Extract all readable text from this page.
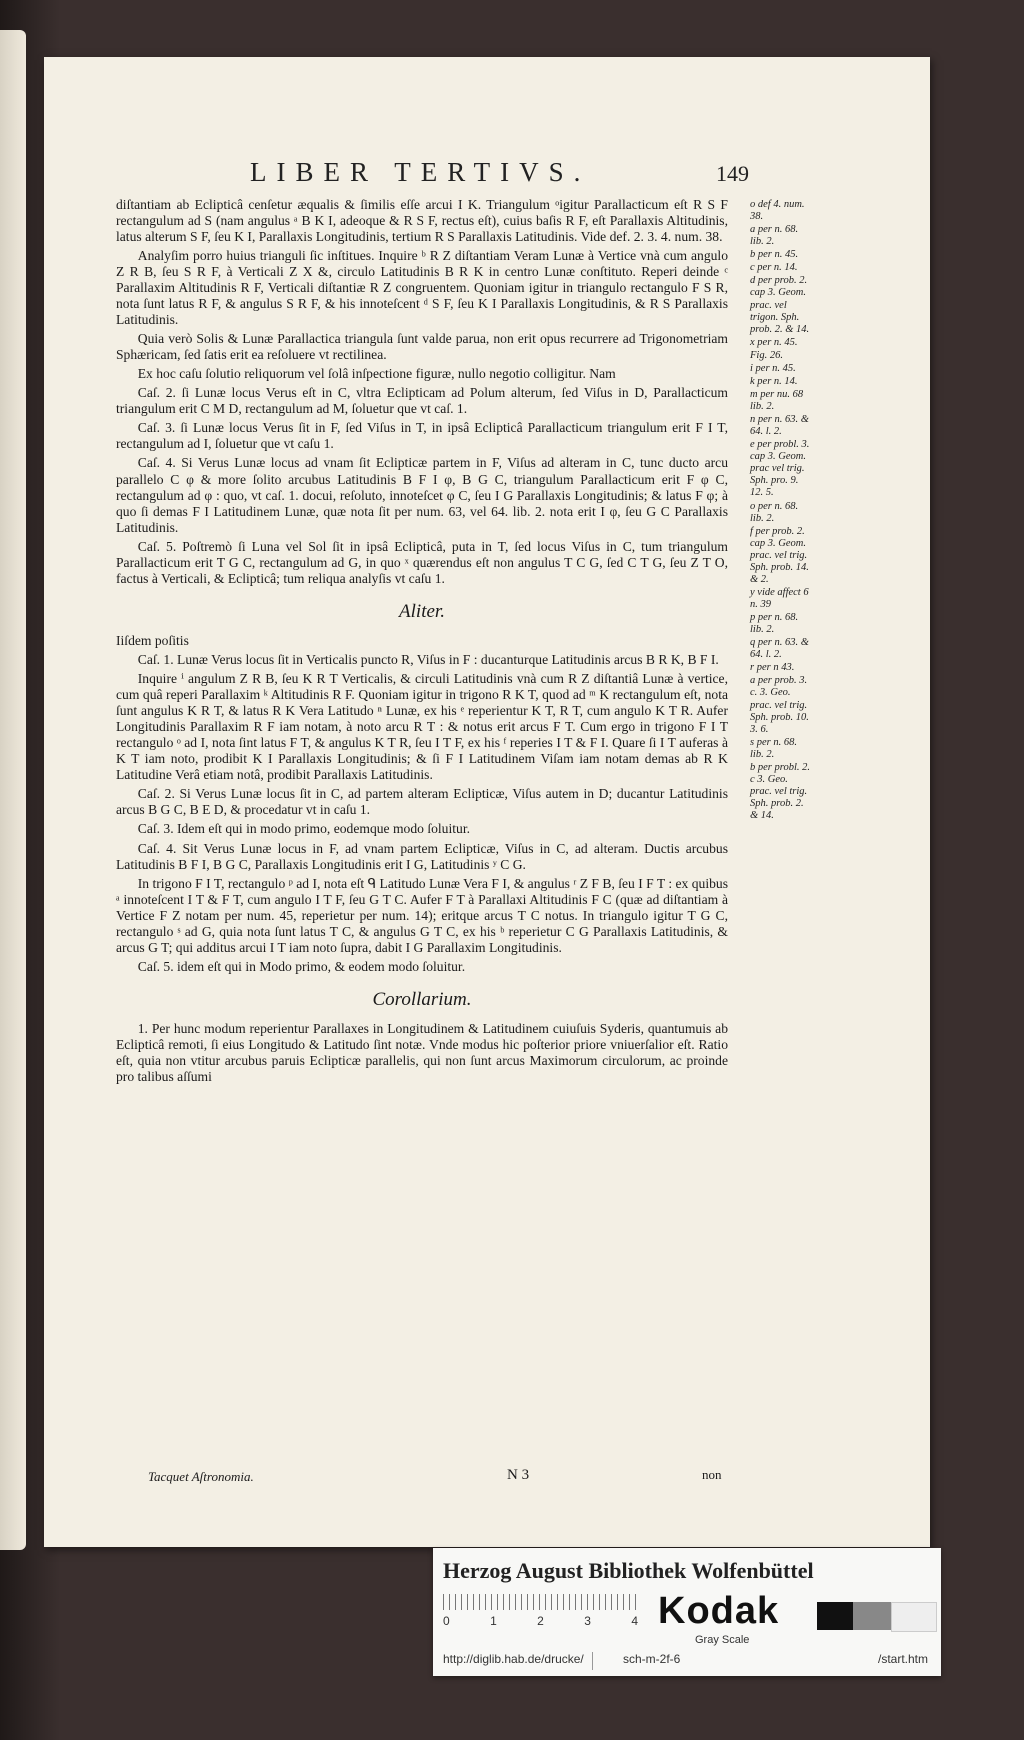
LIBER TERTIVS.	149

diſtantiam ab Eclipticâ cenſetur æqualis & ſimilis eſſe arcui I K. Triangulum ᵒigitur Parallacticum eſt R S F rectangulum ad S (nam angulus ᵃ B K I, adeoque & R S F, rectus eſt), cuius baſis R F, eſt Parallaxis Altitudinis, latus alterum S F, ſeu K I, Parallaxis Longitudinis, tertium R S Parallaxis Latitudinis. Vide def. 2. 3. 4. num. 38.

Analyſim porro huius trianguli ſic inſtitues. Inquire ᵇ R Z diſtantiam Veram Lunæ à Vertice vnà cum angulo Z R B, ſeu S R F, à Verticali Z X &, circulo Latitudinis B R K in centro Lunæ conſtituto. Reperi deinde ᶜ Parallaxim Altitudinis R F, Verticali diſtantiæ R Z congruentem. Quoniam igitur in triangulo rectangulo F S R, nota ſunt latus R F, & angulus S R F, & his innoteſcent ᵈ S F, ſeu K I Parallaxis Longitudinis, & R S Parallaxis Latitudinis.

Quia verò Solis & Lunæ Parallactica triangula ſunt valde parua, non erit opus recurrere ad Trigonometriam Sphæricam, ſed ſatis erit ea reſoluere vt rectilinea.

Ex hoc caſu ſolutio reliquorum vel ſolâ inſpectione figuræ, nullo negotio colligitur. Nam

Caſ. 2. ſi Lunæ locus Verus eſt in C, vltra Eclipticam ad Polum alterum, ſed Viſus in D, Parallacticum triangulum erit C M D, rectangulum ad M, ſoluetur que vt caſ. 1.

Caſ. 3. ſi Lunæ locus Verus ſit in F, ſed Viſus in T, in ipsâ Eclipticâ Parallacticum triangulum erit F I T, rectangulum ad I, ſoluetur que vt caſu 1.

Caſ. 4. Si Verus Lunæ locus ad vnam ſit Eclipticæ partem in F, Viſus ad alteram in C, tunc ducto arcu parallelo C φ & more ſolito arcubus Latitudinis B F I φ, B G C, triangulum Parallacticum erit F φ C, rectangulum ad φ : quo, vt caſ. 1. docui, reſoluto, innoteſcet φ C, ſeu I G Parallaxis Longitudinis; & latus F φ; à quo ſi demas F I Latitudinem Lunæ, quæ nota ſit per num. 63, vel 64. lib. 2. nota erit I φ, ſeu G C Parallaxis Latitudinis.

Caſ. 5. Poſtremò ſi Luna vel Sol ſit in ipsâ Eclipticâ, puta in T, ſed locus Viſus in C, tum triangulum Parallacticum erit T G C, rectangulum ad G, in quo ˣ quærendus eſt non angulus T C G, ſed C T G, ſeu Z T O, factus à Verticali, & Eclipticâ; tum reliqua analyſis vt caſu 1.

Aliter.

Iiſdem poſitis

Caſ. 1. Lunæ Verus locus ſit in Verticalis puncto R, Viſus in F : ducanturque Latitudinis arcus B R K, B F I.

Inquire ⁱ angulum Z R B, ſeu K R T Verticalis, & circuli Latitudinis vnà cum R Z diſtantiâ Lunæ à vertice, cum quâ reperi Parallaxim ᵏ Altitudinis R F. Quoniam igitur in trigono R K T, quod ad ᵐ K rectangulum eſt, nota ſunt angulus K R T, & latus R K Vera Latitudo ⁿ Lunæ, ex his ᵉ reperientur K T, R T, cum angulo K T R. Aufer Longitudinis Parallaxim R F iam notam, à noto arcu R T : & notus erit arcus F T. Cum ergo in trigono F I T rectangulo ᵒ ad I, nota ſint latus F T, & angulus K T R, ſeu I T F, ex his ᶠ reperies I T & F I. Quare ſi I T auferas à K T iam noto, prodibit K I Parallaxis Longitudinis; & ſi F I Latitudinem Viſam iam notam demas ab R K Latitudine Verâ etiam notâ, prodibit Parallaxis Latitudinis.

Caſ. 2. Si Verus Lunæ locus ſit in C, ad partem alteram Eclipticæ, Viſus autem in D; ducantur Latitudinis arcus B G C, B E D, & procedatur vt in caſu 1.

Caſ. 3. Idem eſt qui in modo primo, eodemque modo ſoluitur.

Caſ. 4. Sit Verus Lunæ locus in F, ad vnam partem Eclipticæ, Viſus in C, ad alteram. Ductis arcubus Latitudinis B F I, B G C, Parallaxis Longitudinis erit I G, Latitudinis ʸ C G.

In trigono F I T, rectangulo ᵖ ad I, nota eſt ᑫ Latitudo Lunæ Vera F I, & angulus ʳ Z F B, ſeu I F T : ex quibus ᵃ innoteſcent I T & F T, cum angulo I T F, ſeu G T C. Aufer F T à Parallaxi Altitudinis F C (quæ ad diſtantiam à Vertice F Z notam per num. 45, reperietur per num. 14); eritque arcus T C notus. In triangulo igitur T G C, rectangulo ˢ ad G, quia nota ſunt latus T C, & angulus G T C, ex his ᵇ reperietur C G Parallaxis Latitudinis, & arcus G T; qui additus arcui I T iam noto ſupra, dabit I G Parallaxim Longitudinis.

Caſ. 5. idem eſt qui in Modo primo, & eodem modo ſoluitur.

Corollarium.

1. Per hunc modum reperientur Parallaxes in Longitudinem & Latitudinem cuiuſuis Syderis, quantumuis ab Eclipticâ remoti, ſi eius Longitudo & Latitudo ſint notæ. Vnde modus hic poſterior priore vniuerſalior eſt. Ratio eſt, quia non vtitur arcubus paruis Eclipticæ parallelis, qui non ſunt arcus Maximorum circulorum, ac proinde pro talibus aſſumi

o def 4. num. 38.
a per n. 68. lib. 2.
b per n. 45.
c per n. 14.
d per prob. 2. cap 3. Geom. prac. vel trigon. Sph. prob. 2. & 14.
x per n. 45.
Fig. 26.
i per n. 45.
k per n. 14.
m per nu. 68 lib. 2.
n per n. 63. & 64. l. 2.
e per probl. 3. cap 3. Geom. prac vel trig. Sph. pro. 9. 12. 5.
o per n. 68. lib. 2.
f per prob. 2. cap 3. Geom. prac. vel trig. Sph. prob. 14. & 2.
y vide affect 6 n. 39
p per n. 68. lib. 2.
q per n. 63. & 64. l. 2.
r per n 43.
a per prob. 3. c. 3. Geo. prac. vel trig. Sph. prob. 10. 3. 6.
s per n. 68. lib. 2.
b per probl. 2. c 3. Geo. prac. vel trig. Sph. prob. 2. & 14.
Tacquet Aſtronomia.	N 3	non
Herzog August Bibliothek Wolfenbüttel
0	1	2	3	4 Kodak
Gray Scale
http://diglib.hab.de/drucke/	sch-m-2f-6	/start.htm
